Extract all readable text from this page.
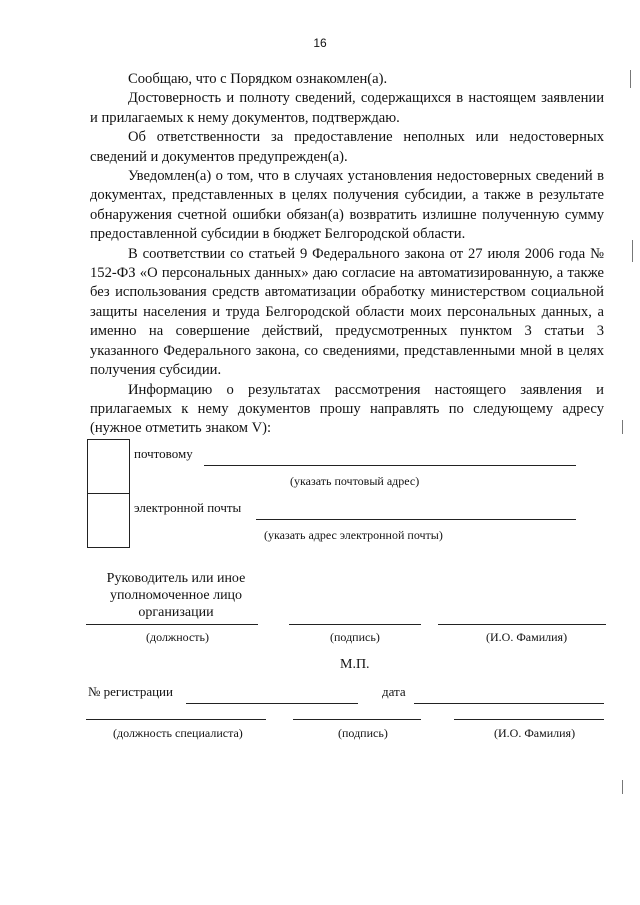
16

Сообщаю, что с Порядком ознакомлен(а).

Достоверность и полноту сведений, содержащихся в настоящем заявлении и прилагаемых к нему документов, подтверждаю.

Об ответственности за предоставление неполных или недостоверных сведений и документов предупрежден(а).

Уведомлен(а) о том, что в случаях установления недостоверных сведений в документах, представленных в целях получения субсидии, а также в результате обнаружения счетной ошибки обязан(а) возвратить излишне полученную сумму предоставленной субсидии в бюджет Белгородской области.

В соответствии со статьей 9 Федерального закона от 27 июля 2006 года № 152-ФЗ «О персональных данных» даю согласие на автоматизированную, а также без использования средств автоматизации обработку министерством социальной защиты населения и труда Белгородской области моих персональных данных, а именно на совершение действий, предусмотренных пунктом 3 статьи 3 указанного Федерального закона, со сведениями, представленными мной в целях получения субсидии.

Информацию о результатах рассмотрения настоящего заявления и прилагаемых к нему документов прошу направлять по следующему адресу (нужное отметить знаком V):

почтовому
(указать почтовый адрес)
электронной почты
(указать адрес электронной почты)
Руководитель или иное уполномоченное лицо организации
(должность)	(подпись)	(И.О. Фамилия)
М.П.
№ регистрации	дата
(должность специалиста)	(подпись)	(И.О. Фамилия)
